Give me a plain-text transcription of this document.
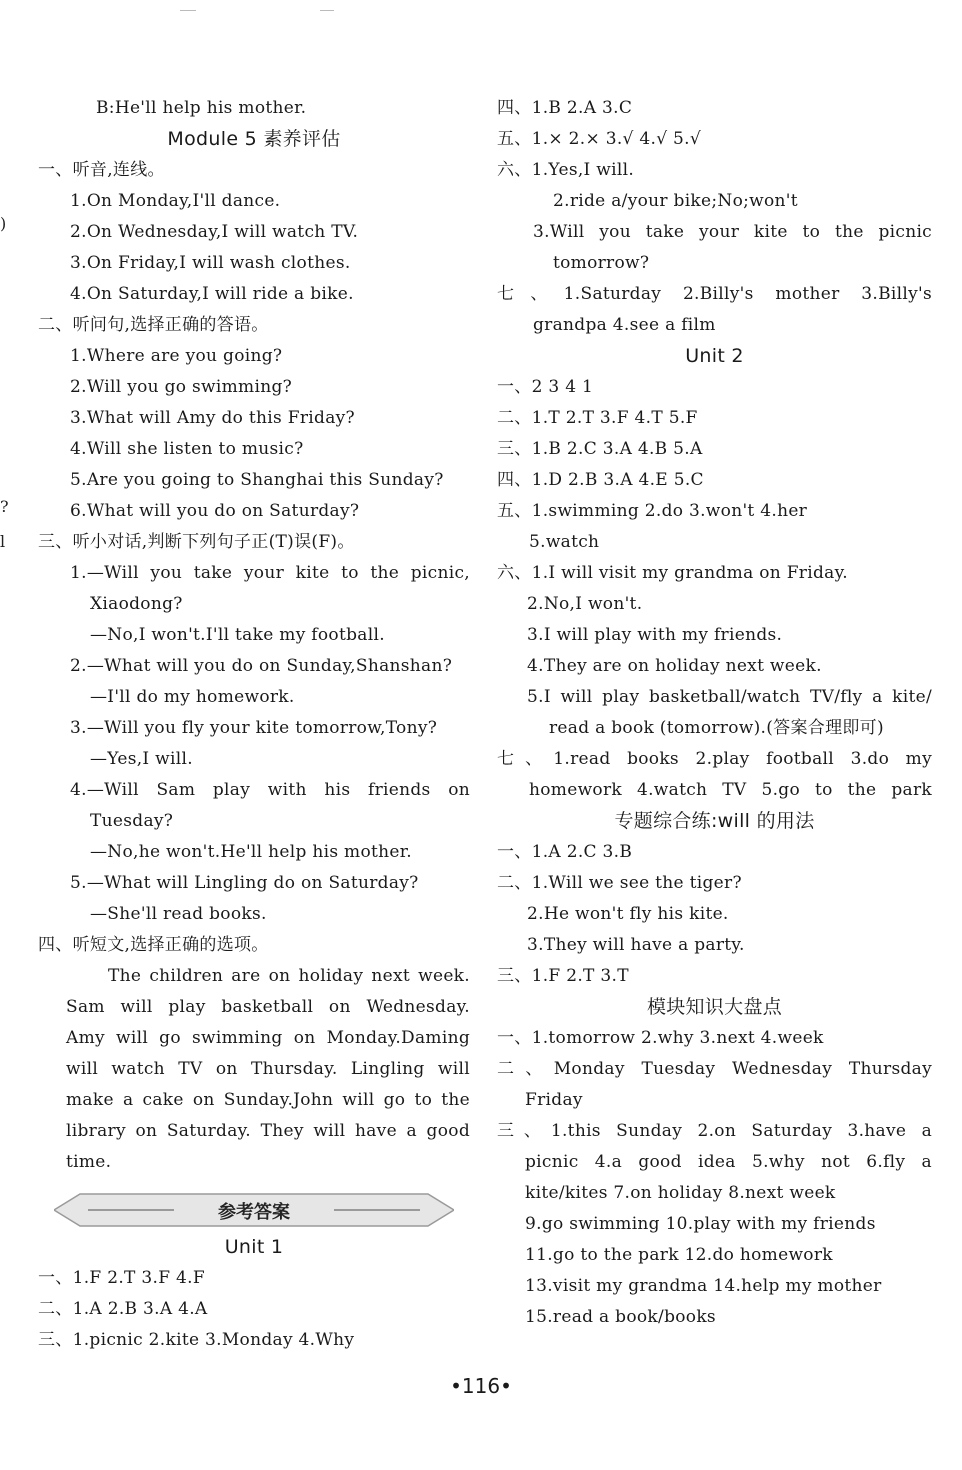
)
?
l
B:He'll help his mother.
Module 5 素养评估
一、听音,连线。
1.On Monday,I'll dance.
2.On Wednesday,I will watch TV.
3.On Friday,I will wash clothes.
4.On Saturday,I will ride a bike.
二、听问句,选择正确的答语。
1.Where are you going?
2.Will you go swimming?
3.What will Amy do this Friday?
4.Will she listen to music?
5.Are you going to Shanghai this Sunday?
6.What will you do on Saturday?
三、听小对话,判断下列句子正(T)误(F)。
1.—Will you take your kite to the picnic,
Xiaodong?
—No,I won't.I'll take my football.
2.—What will you do on Sunday,Shanshan?
—I'll do my homework.
3.—Will you fly your kite tomorrow,Tony?
—Yes,I will.
4.—Will Sam play with his friends on
Tuesday?
—No,he won't.He'll help his mother.
5.—What will Lingling do on Saturday?
—She'll read books.
四、听短文,选择正确的选项。
The children are on holiday next week.
Sam will play basketball on Wednesday.
Amy will go swimming on Monday.Daming
will watch TV on Thursday. Lingling will
make a cake on Sunday.John will go to the
library on Saturday. They will have a good
time.
参考答案
Unit 1
一、1.F 2.T 3.F 4.F
二、1.A 2.B 3.A 4.A
三、1.picnic 2.kite 3.Monday 4.Why
四、1.B 2.A 3.C
五、1.× 2.× 3.√ 4.√ 5.√
六、1.Yes,I will.
2.ride a/your bike;No;won't
3.Will you take your kite to the picnic
tomorrow?
七、1.Saturday 2.Billy's mother 3.Billy's
grandpa 4.see a film
Unit 2
一、2 3 4 1
二、1.T 2.T 3.F 4.T 5.F
三、1.B 2.C 3.A 4.B 5.A
四、1.D 2.B 3.A 4.E 5.C
五、1.swimming 2.do 3.won't 4.her
5.watch
六、1.I will visit my grandma on Friday.
2.No,I won't.
3.I will play with my friends.
4.They are on holiday next week.
5.I will play basketball/watch TV/fly a kite/
read a book (tomorrow).(答案合理即可)
七、1.read books 2.play football 3.do my
homework 4.watch TV 5.go to the park
专题综合练:will 的用法
一、1.A 2.C 3.B
二、1.Will we see the tiger?
2.He won't fly his kite.
3.They will have a party.
三、1.F 2.T 3.T
模块知识大盘点
一、1.tomorrow 2.why 3.next 4.week
二、Monday Tuesday Wednesday Thursday
Friday
三、1.this Sunday 2.on Saturday 3.have a
picnic 4.a good idea 5.why not 6.fly a
kite/kites 7.on holiday 8.next week
9.go swimming 10.play with my friends
11.go to the park 12.do homework
13.visit my grandma 14.help my mother
15.read a book/books
•116•
